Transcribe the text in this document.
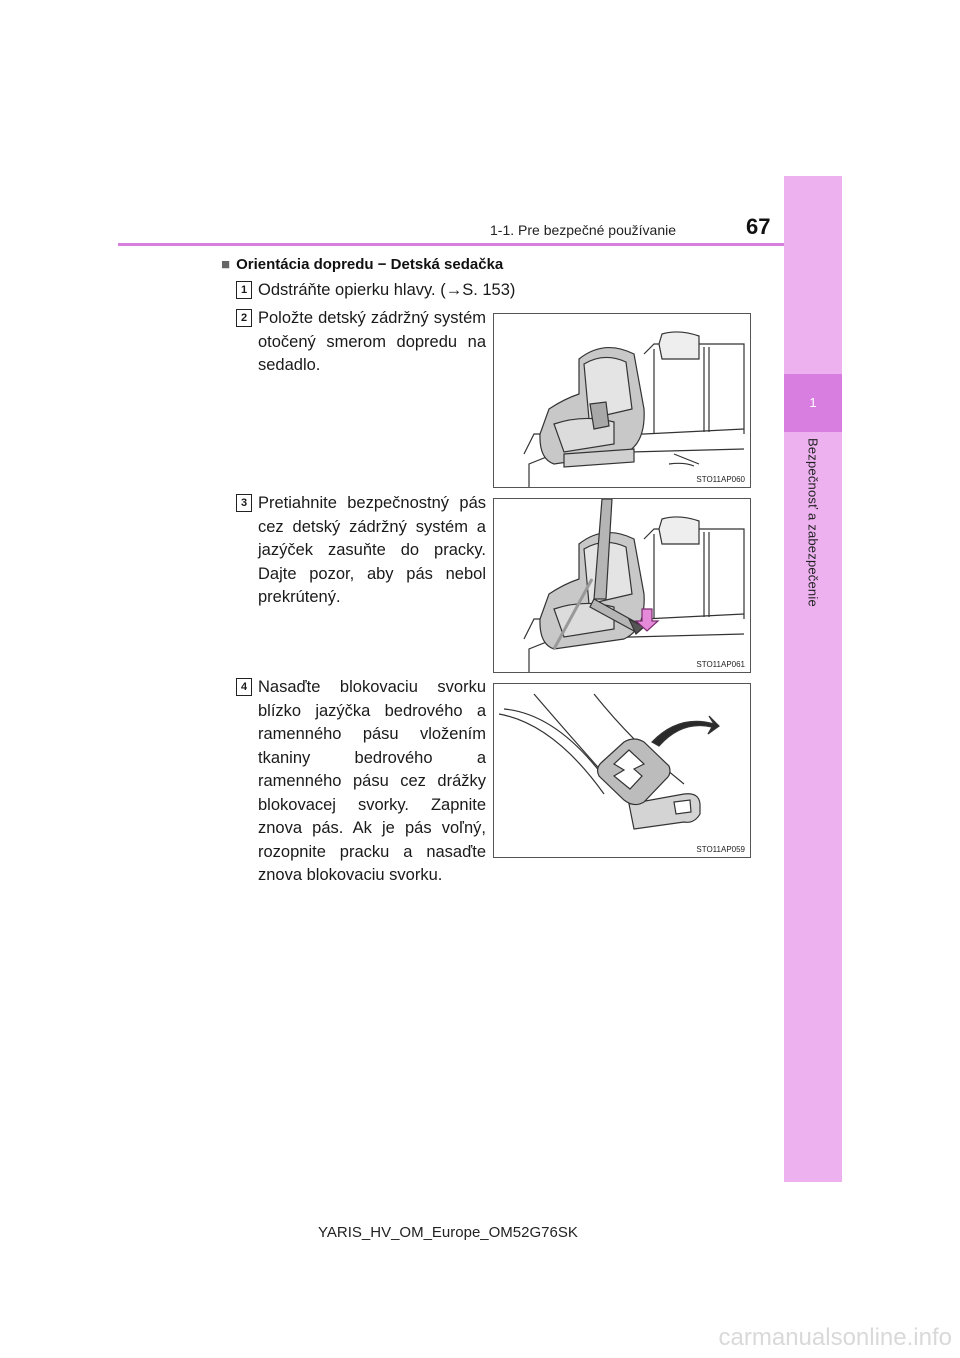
1-1. Pre bezpečné používanie	67
1
Bezpečnosť a zabezpečenie
■ Orientácia dopredu − Detská sedačka
1 Odstráňte opierku hlavy. (→S. 153)
2 Položte detský zádržný systém otočený smerom dopredu na sedadlo.
3 Pretiahnite bezpečnostný pás cez detský zádržný systém a jazýček zasuňte do pracky. Dajte pozor, aby pás nebol prekrútený.
4 Nasaďte blokovaciu svorku blízko jazýčka bedrového a ramenného pásu vložením tkaniny bedrového a ramenného pásu cez drážky blokovacej svorky. Zapnite znova pás. Ak je pás voľný, rozopnite pracku a nasaďte znova blokovaciu svorku.
STO11AP060
STO11AP061
STO11AP059
YARIS_HV_OM_Europe_OM52G76SK
carmanualsonline.info
